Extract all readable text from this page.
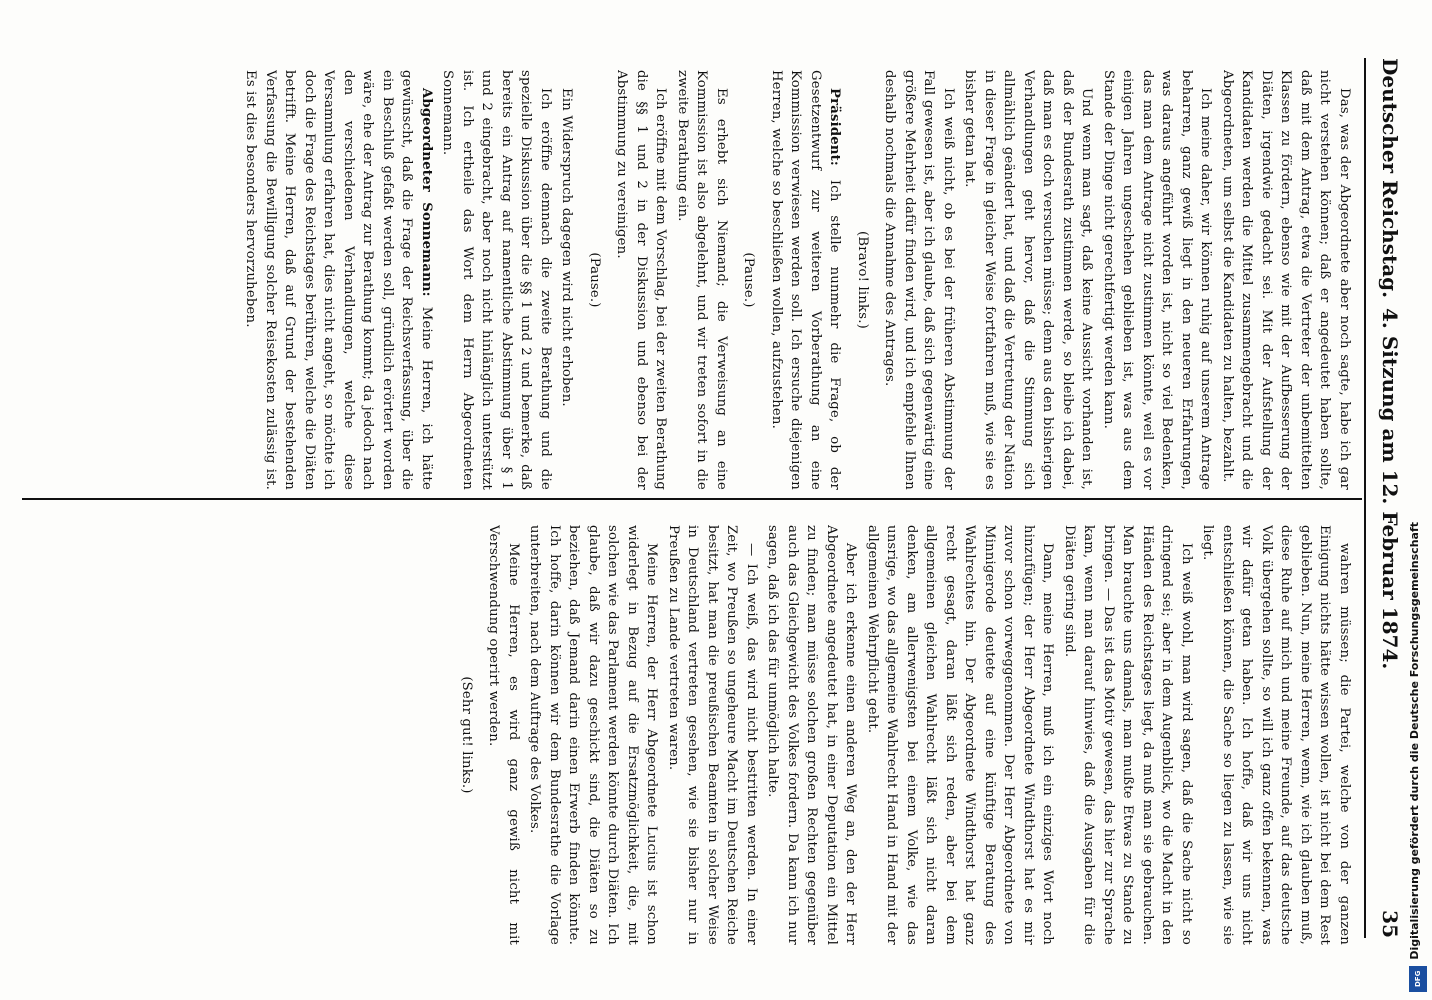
Deutscher Reichstag.
4. Sitzung am 12. Februar 1874.
35

Das, was der Abgeordnete aber noch sagte, habe ich gar nicht verstehen können; daß er angedeutet haben sollte, daß mit dem Antrag, etwa die Vertreter der unbemittelten Klassen zu fördern, ebenso wie mit der Aufbesserung der Diäten, irgendwie gedacht sei. Mit der Aufstellung der Kandidaten werden die Mittel zusammengebracht und die Abgeordneten, um selbst die Kandidaten zu halten, bezahlt.

Ich meine daher, wir können ruhig auf unserem Antrage beharren, ganz gewiß liegt in den neueren Erfahrungen, was daraus angeführt worden ist, nicht so viel Bedenken, das man dem Antrage nicht zustimmen könnte, weil es vor einigen Jahren ungeschehen geblieben ist, was aus dem Stande der Dinge nicht gerechtfertigt werden kann.

Und wenn man sagt, daß keine Aussicht vorhanden ist, daß der Bundesrath zustimmen werde, so bleibe ich dabei, daß man es doch versuchen müsse; denn aus den bisherigen Verhandlungen geht hervor, daß die Stimmung sich allmählich geändert hat, und daß die Vertretung der Nation in dieser Frage in gleicher Weise fortfahren muß, wie sie es bisher getan hat.

Ich weiß nicht, ob es bei der früheren Abstimmung der Fall gewesen ist, aber ich glaube, daß sich gegenwärtig eine größere Mehrheit dafür finden wird, und ich empfehle Ihnen deshalb nochmals die Annahme des Antrages.

(Bravo! links.)

Präsident: Ich stelle nunmehr die Frage, ob der Gesetzentwurf zur weiteren Vorberathung an eine Kommission verwiesen werden soll. Ich ersuche diejenigen Herren, welche so beschließen wollen, aufzustehen.

(Pause.)

Es erhebt sich Niemand; die Verweisung an eine Kommission ist also abgelehnt, und wir treten sofort in die zweite Berathung ein.

Ich eröffne mit dem Vorschlag, bei der zweiten Berathung die §§ 1 und 2 in der Diskussion und ebenso bei der Abstimmung zu vereinigen.

(Pause.)

Ein Widerspruch dagegen wird nicht erhoben.

Ich eröffne demnach die zweite Berathung und die spezielle Diskussion über die §§ 1 und 2 und bemerke, daß bereits ein Antrag auf namentliche Abstimmung über § 1 und 2 eingebracht, aber noch nicht hinlänglich unterstützt ist. Ich ertheile das Wort dem Herrn Abgeordneten Sonnemann.

Abgeordneter Sonnemann: Meine Herren, ich hätte gewünscht, daß die Frage der Reichsverfassung, über die ein Beschluß gefaßt werden soll, gründlich erörtert worden wäre, ehe der Antrag zur Berathung kommt; da jedoch nach den verschiedenen Verhandlungen, welche diese Versammlung erfahren hat, dies nicht angeht, so möchte ich doch die Frage des Reichstages berühren, welche die Diäten betrifft. Meine Herren, daß auf Grund der bestehenden Verfassung die Bewilligung solcher Reisekosten zulässig ist. Es ist dies besonders hervorzuheben.

wahren müssen; die Partei, welche von der ganzen Einigung nichts hätte wissen wollen, ist nicht bei dem Rest geblieben. Nun, meine Herren, wenn, wie ich glauben muß, diese Ruhe auf mich und meine Freunde, auf das deutsche Volk übergehen sollte, so will ich ganz offen bekennen, was wir dafür getan haben. Ich hoffe, daß wir uns nicht entschließen können, die Sache so liegen zu lassen, wie sie liegt.

Ich weiß wohl, man wird sagen, daß die Sache nicht so dringend sei; aber in dem Augenblick, wo die Macht in den Händen des Reichstages liegt, da muß man sie gebrauchen. Man brauchte uns damals, man mußte Etwas zu Stande zu bringen. — Das ist das Motiv gewesen, das hier zur Sprache kam, wenn man darauf hinwies, daß die Ausgaben für die Diäten gering sind.

Dann, meine Herren, muß ich ein einziges Wort noch hinzufügen; der Herr Abgeordnete Windthorst hat es mir zuvor schon vorweggenommen. Der Herr Abgeordnete von Minnigerode deutete auf eine künftige Beratung des Wahlrechtes hin. Der Abgeordnete Windthorst hat ganz recht gesagt, daran läßt sich reden, aber bei dem allgemeinen gleichen Wahlrecht läßt sich nicht daran denken, am allerwenigsten bei einem Volke, wie das unsrige, wo das allgemeine Wahlrecht Hand in Hand mit der allgemeinen Wehrpflicht geht.

Aber ich erkenne einen anderen Weg an, den der Herr Abgeordnete angedeutet hat, in einer Deputation ein Mittel zu finden; man müsse solchen großen Rechten gegenüber auch das Gleichgewicht des Volkes fordern. Da kann ich nur sagen, daß ich das für unmöglich halte.

— Ich weiß, das wird nicht bestritten werden. In einer Zeit, wo Preußen so ungeheure Macht im Deutschen Reiche besitzt, hat man die preußischen Beamten in solcher Weise in Deutschland vertreten gesehen, wie sie bisher nur in Preußen zu Lande vertreten waren.

Meine Herren, der Herr Abgeordnete Lucius ist schon widerlegt in Bezug auf die Ersatzmöglichkeit, die, mit solchen wie das Parlament werden könnte durch Diäten. Ich glaube, daß wir dazu geschickt sind, die Diäten so zu beziehen, daß Jemand darin einen Erwerb finden könnte. Ich hoffe, darin können wir dem Bundesrathe die Vorlage unterbreiten, nach dem Auftrage des Volkes.

Meine Herren, es wird ganz gewiß nicht mit Verschwendung operirt werden.

(Sehr gut! links.)	Digitalisierung gefördert durch die Deutsche Forschungsgemeinschaft
DFG
